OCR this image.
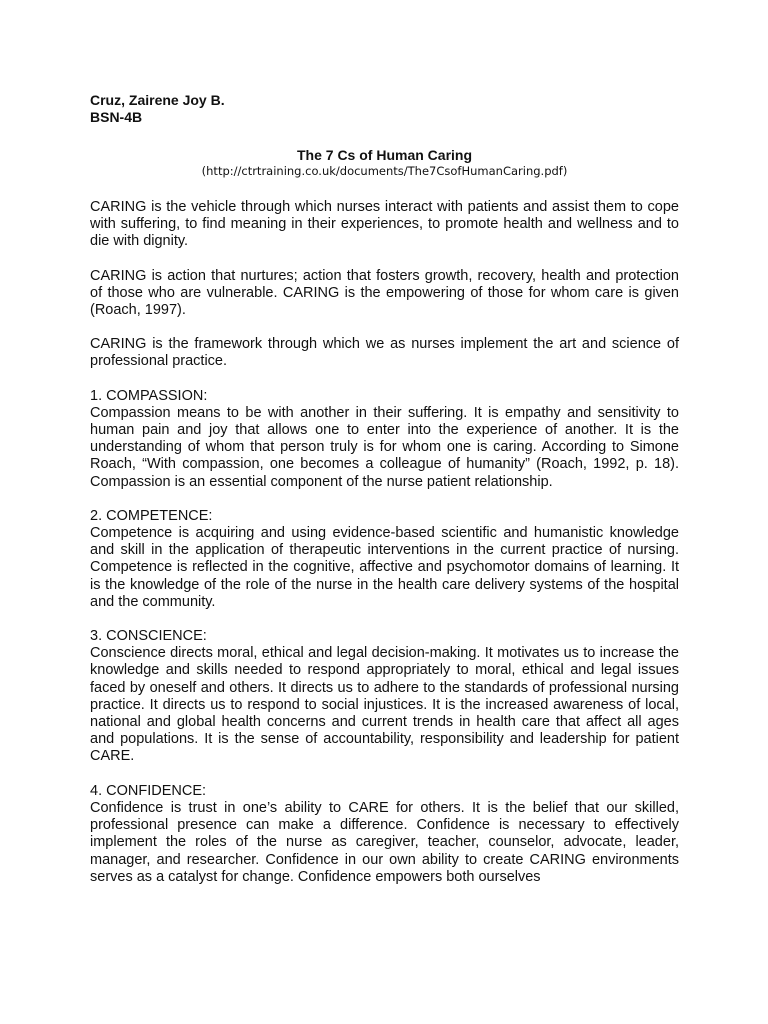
Cruz, Zairene Joy B.
BSN-4B
The 7 Cs of Human Caring
(http://ctrtraining.co.uk/documents/The7CsofHumanCaring.pdf)

CARING is the vehicle through which nurses interact with patients and assist them to cope with suffering, to find meaning in their experiences, to promote health and wellness and to die with dignity.

CARING is action that nurtures; action that fosters growth, recovery, health and protection of those who are vulnerable. CARING is the empowering of those for whom care is given (Roach, 1997).

CARING is the framework through which we as nurses implement the art and science of professional practice.

1. COMPASSION:

Compassion means to be with another in their suffering. It is empathy and sensitivity to human pain and joy that allows one to enter into the experience of another. It is the understanding of whom that person truly is for whom one is caring. According to Simone Roach, “With compassion, one becomes a colleague of humanity” (Roach, 1992, p. 18). Compassion is an essential component of the nurse patient relationship.

2. COMPETENCE:

Competence is acquiring and using evidence-based scientific and humanistic knowledge and skill in the application of therapeutic interventions in the current practice of nursing. Competence is reflected in the cognitive, affective and psychomotor domains of learning. It is the knowledge of the role of the nurse in the health care delivery systems of the hospital and the community.

3. CONSCIENCE:

Conscience directs moral, ethical and legal decision-making. It motivates us to increase the knowledge and skills needed to respond appropriately to moral, ethical and legal issues faced by oneself and others. It directs us to adhere to the standards of professional nursing practice. It directs us to respond to social injustices. It is the increased awareness of local, national and global health concerns and current trends in health care that affect all ages and populations. It is the sense of accountability, responsibility and leadership for patient CARE.

4. CONFIDENCE:

Confidence is trust in one’s ability to CARE for others. It is the belief that our skilled, professional presence can make a difference. Confidence is necessary to effectively implement the roles of the nurse as caregiver, teacher, counselor, advocate, leader, manager, and researcher. Confidence in our own ability to create CARING environments serves as a catalyst for change. Confidence empowers both ourselves
